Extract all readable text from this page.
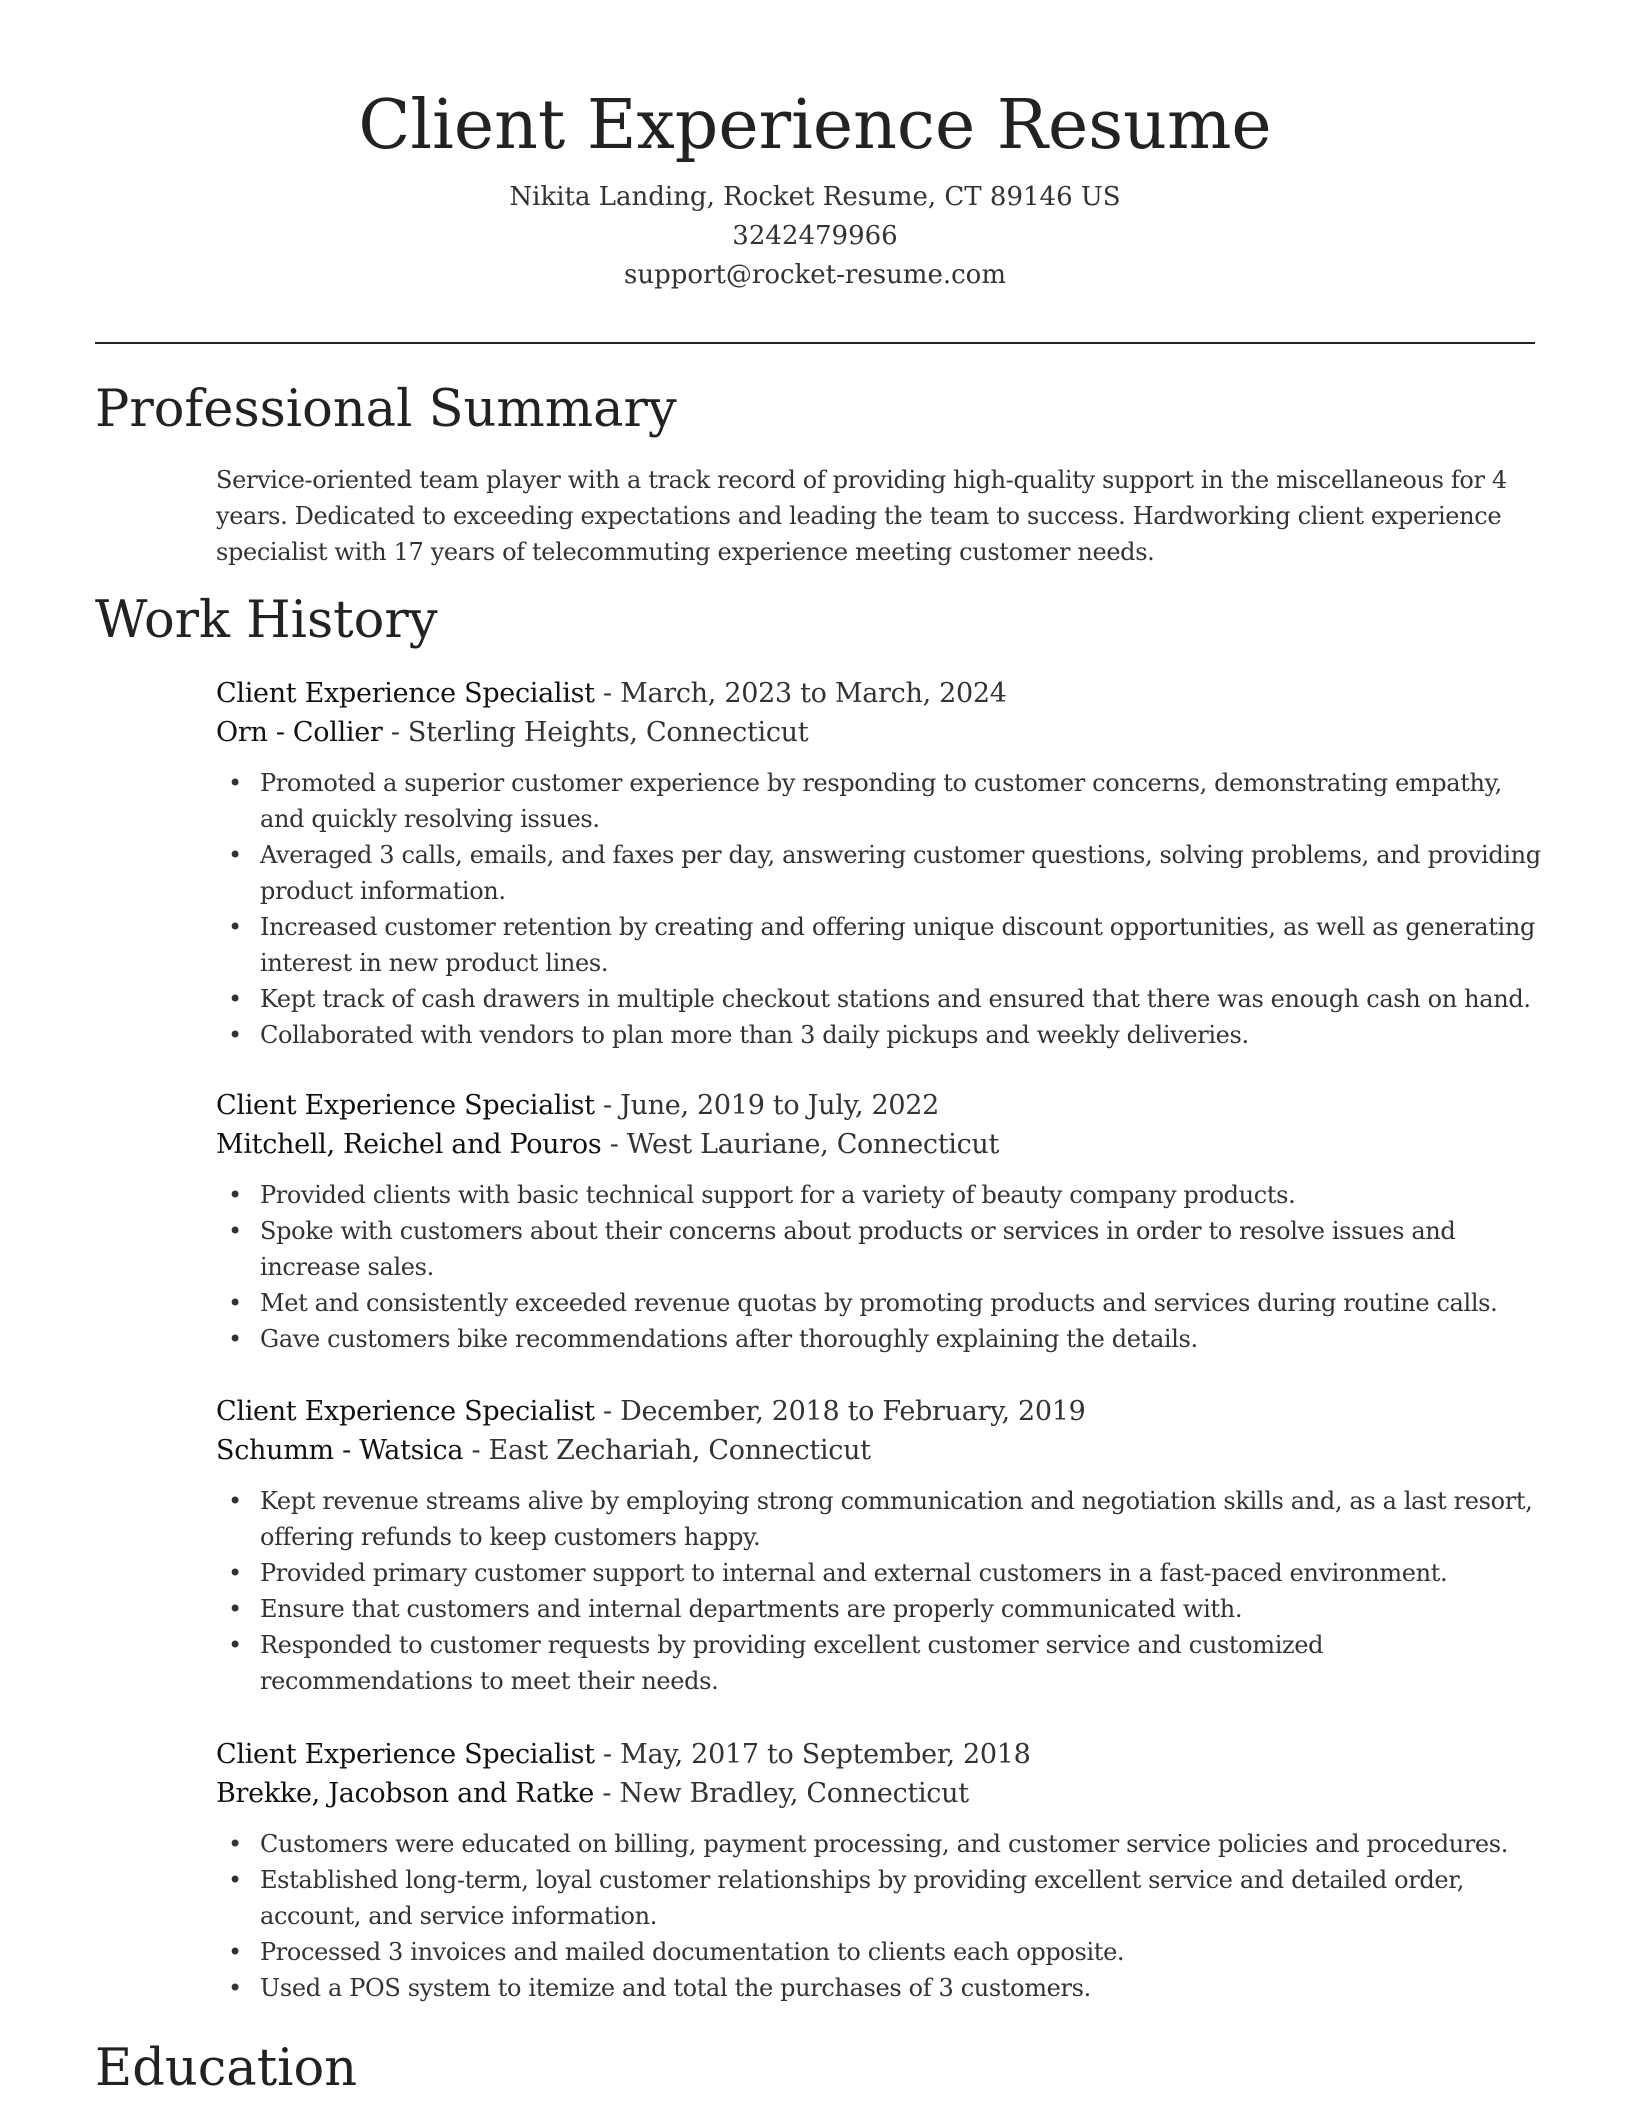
Client Experience Resume
Nikita Landing, Rocket Resume, CT 89146 US
3242479966
support@rocket-resume.com
Professional Summary

Service-oriented team player with a track record of providing high-quality support in the miscellaneous for 4 years. Dedicated to exceeding expectations and leading the team to success. Hardworking client experience specialist with 17 years of telecommuting experience meeting customer needs.

Work History
Client Experience Specialist - March, 2023 to March, 2024
Orn - Collier - Sterling Heights, Connecticut
• Promoted a superior customer experience by responding to customer concerns, demonstrating empathy, and quickly resolving issues.
• Averaged 3 calls, emails, and faxes per day, answering customer questions, solving problems, and providing product information.
• Increased customer retention by creating and offering unique discount opportunities, as well as generating interest in new product lines.
• Kept track of cash drawers in multiple checkout stations and ensured that there was enough cash on hand.
• Collaborated with vendors to plan more than 3 daily pickups and weekly deliveries.
Client Experience Specialist - June, 2019 to July, 2022
Mitchell, Reichel and Pouros - West Lauriane, Connecticut
• Provided clients with basic technical support for a variety of beauty company products.
• Spoke with customers about their concerns about products or services in order to resolve issues and increase sales.
• Met and consistently exceeded revenue quotas by promoting products and services during routine calls.
• Gave customers bike recommendations after thoroughly explaining the details.
Client Experience Specialist - December, 2018 to February, 2019
Schumm - Watsica - East Zechariah, Connecticut
• Kept revenue streams alive by employing strong communication and negotiation skills and, as a last resort, offering refunds to keep customers happy.
• Provided primary customer support to internal and external customers in a fast-paced environment.
• Ensure that customers and internal departments are properly communicated with.
• Responded to customer requests by providing excellent customer service and customized recommendations to meet their needs.
Client Experience Specialist - May, 2017 to September, 2018
Brekke, Jacobson and Ratke - New Bradley, Connecticut
• Customers were educated on billing, payment processing, and customer service policies and procedures.
• Established long-term, loyal customer relationships by providing excellent service and detailed order, account, and service information.
• Processed 3 invoices and mailed documentation to clients each opposite.
• Used a POS system to itemize and total the purchases of 3 customers.
Education
